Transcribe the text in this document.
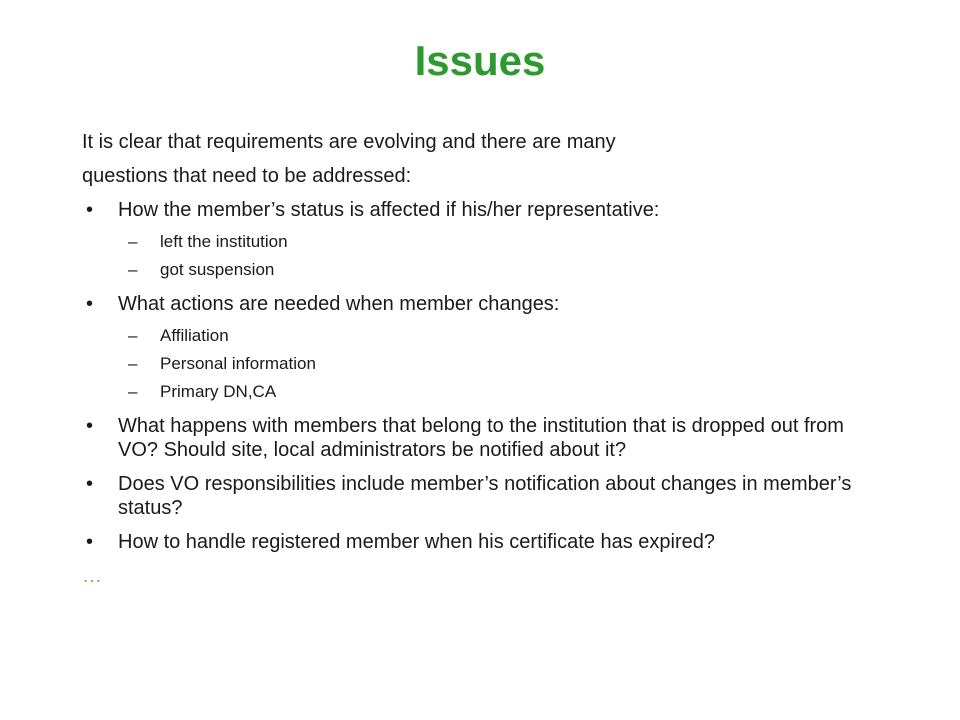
Issues

It is clear that requirements are evolving and there are many

questions that need to be addressed:

• How the member’s status is affected if his/her representative:
– left the institution
– got suspension
• What actions are needed when member changes:
– Affiliation
– Personal information
– Primary DN,CA
• What happens with members that belong to the institution that is dropped out from VO? Should site, local administrators be notified about it?
• Does VO responsibilities include member’s notification about changes in member’s status?
• How to handle registered member when his certificate has expired?

…
